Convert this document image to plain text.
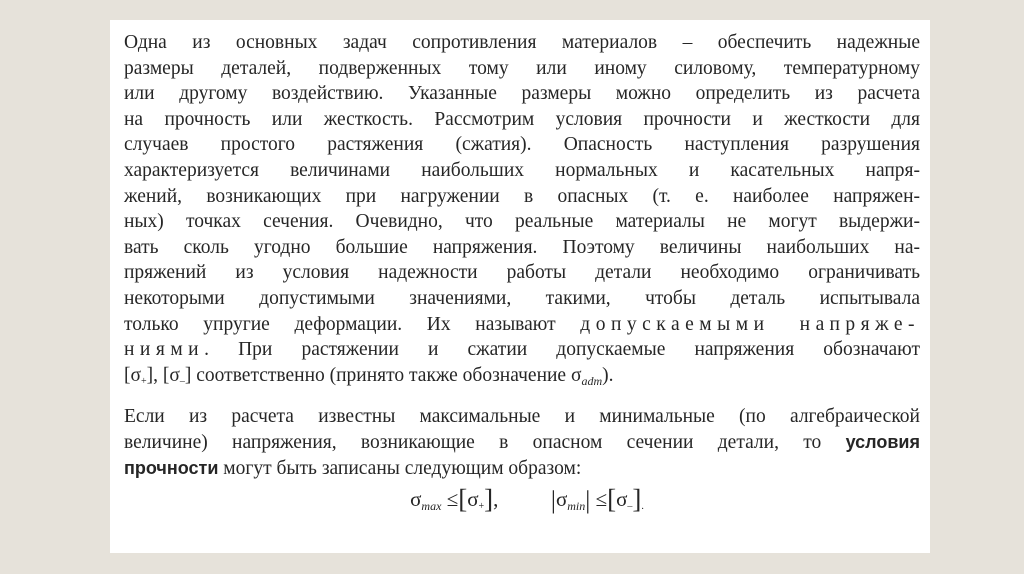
Одна из основных задач сопротивления материалов – обеспечить надежные
размеры деталей, подверженных тому или иному силовому, температурному
или другому воздействию. Указанные размеры можно определить из расчета
на прочность или жесткость. Рассмотрим условия прочности и жесткости для
случаев простого растяжения (сжатия). Опасность наступления разрушения
характеризуется величинами наибольших нормальных и касательных напря-
жений, возникающих при нагружении в опасных (т. е. наиболее напряжен-
ных) точках сечения. Очевидно, что реальные материалы не могут выдержи-
вать сколь угодно большие напряжения. Поэтому величины наибольших на-
пряжений из условия надежности работы детали необходимо ограничивать
некоторыми допустимыми значениями, такими, чтобы деталь испытывала
только упругие деформации. Их называют допускаемыми напряже-
ниями. При растяжении и сжатии допускаемые напряжения обозначают
[σ+], [σ–] соответственно (принято также обозначение $\sigma_{adm}$).
Если из расчета известны максимальные и минимальные (по алгебраической
величине) напряжения, возникающие в опасном сечении детали, то условия
прочности могут быть записаны следующим образом:
$\sigma_{max} \le[\sigma+]$, $|\sigma_{min}| \le[\sigma-]$.
